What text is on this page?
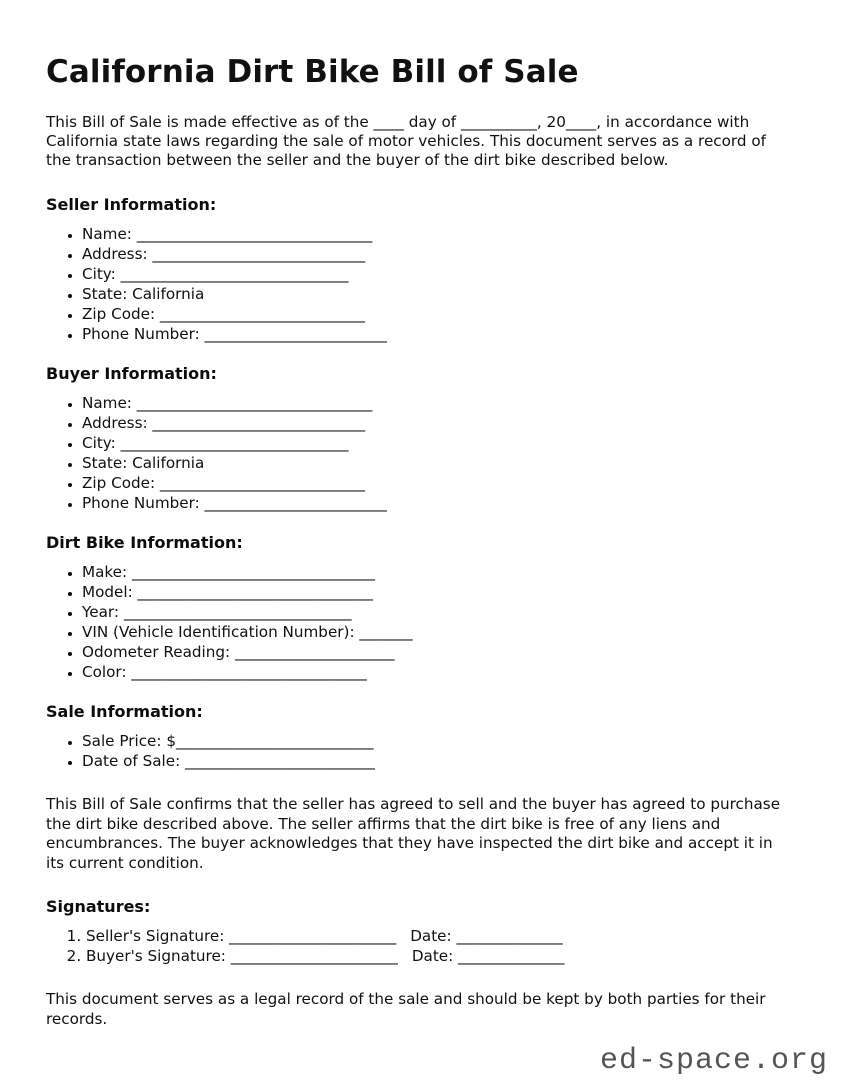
California Dirt Bike Bill of Sale

This Bill of Sale is made effective as of the ____ day of __________, 20____, in accordance with California state laws regarding the sale of motor vehicles. This document serves as a record of the transaction between the seller and the buyer of the dirt bike described below.

Seller Information:
• Name: _______________________________
• Address: ____________________________
• City: ______________________________
• State: California
• Zip Code: ___________________________
• Phone Number: ________________________
Buyer Information:
• Name: _______________________________
• Address: ____________________________
• City: ______________________________
• State: California
• Zip Code: ___________________________
• Phone Number: ________________________
Dirt Bike Information:
• Make: ________________________________
• Model: _______________________________
• Year: ______________________________
• VIN (Vehicle Identification Number): _______
• Odometer Reading: _____________________
• Color: _______________________________
Sale Information:
• Sale Price: $__________________________
• Date of Sale: _________________________

This Bill of Sale confirms that the seller has agreed to sell and the buyer has agreed to purchase the dirt bike described above. The seller affirms that the dirt bike is free of any liens and encumbrances. The buyer acknowledges that they have inspected the dirt bike and accept it in its current condition.

Signatures:
1. Seller's Signature: ______________________ Date: ______________
2. Buyer's Signature: ______________________ Date: ______________

This document serves as a legal record of the sale and should be kept by both parties for their records.

ed-space.org
